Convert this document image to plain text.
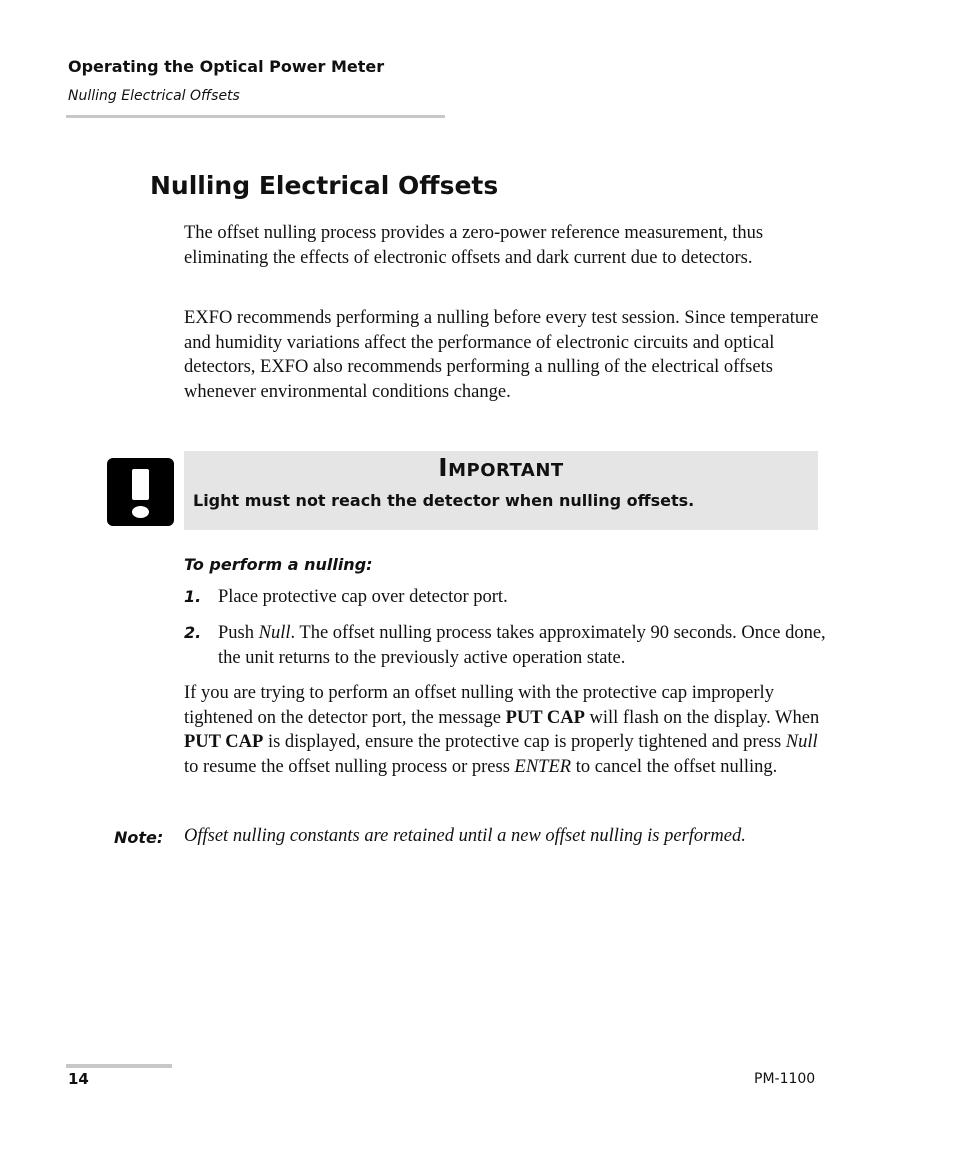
Operating the Optical Power Meter
Nulling Electrical Offsets
Nulling Electrical Offsets
The offset nulling process provides a zero-power reference measurement, thus eliminating the effects of electronic offsets and dark current due to detectors.
EXFO recommends performing a nulling before every test session. Since temperature and humidity variations affect the performance of electronic circuits and optical detectors, EXFO also recommends performing a nulling of the electrical offsets whenever environmental conditions change.
Important
Light must not reach the detector when nulling offsets.
To perform a nulling:
1. Place protective cap over detector port.
2. Push Null. The offset nulling process takes approximately 90 seconds. Once done, the unit returns to the previously active operation state.
If you are trying to perform an offset nulling with the protective cap improperly tightened on the detector port, the message PUT CAP will flash on the display. When PUT CAP is displayed, ensure the protective cap is properly tightened and press Null to resume the offset nulling process or press ENTER to cancel the offset nulling.
Note: Offset nulling constants are retained until a new offset nulling is performed.
14	PM-1100
